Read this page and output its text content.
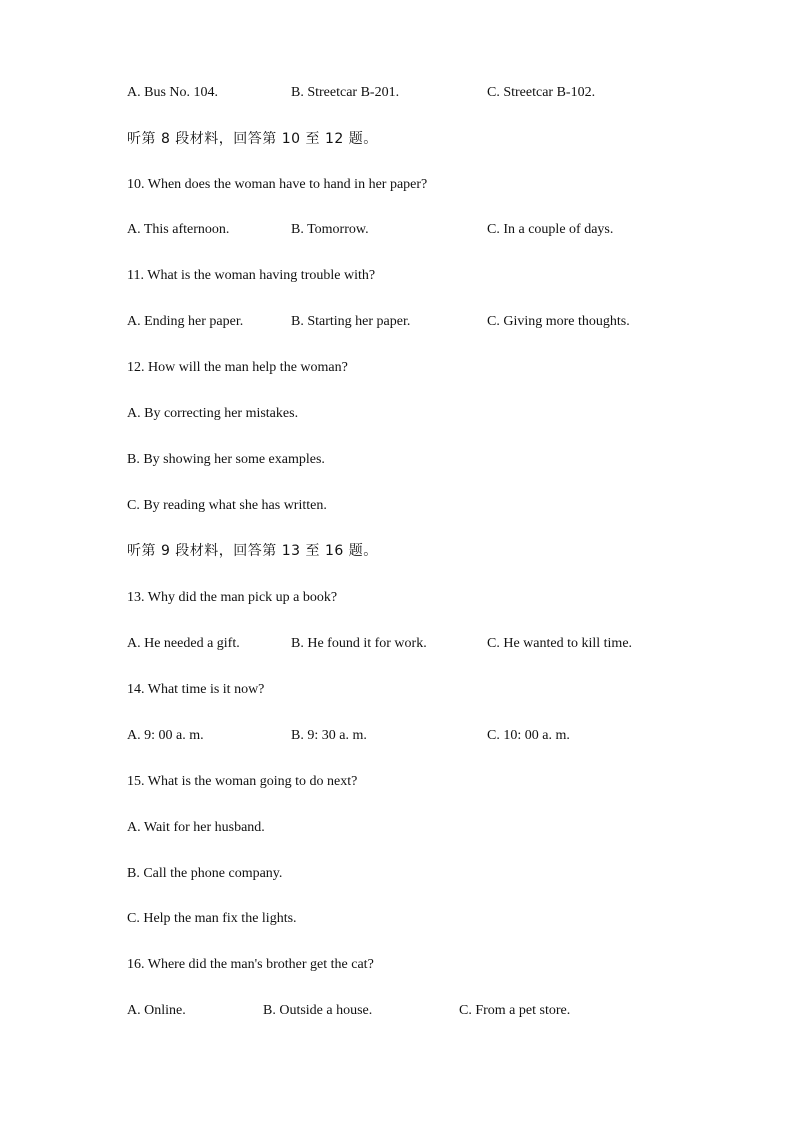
A. Bus No. 104.	B. Streetcar B-201.	C. Streetcar B-102.
听第 8 段材料，回答第 10 至 12 题。
10. When does the woman have to hand in her paper?
A. This afternoon.	B. Tomorrow.	C. In a couple of days.
11. What is the woman having trouble with?
A. Ending her paper.	B. Starting her paper.	C. Giving more thoughts.
12. How will the man help the woman?
A. By correcting her mistakes.
B. By showing her some examples.
C. By reading what she has written.
听第 9 段材料，回答第 13 至 16 题。
13. Why did the man pick up a book?
A. He needed a gift.	B. He found it for work.	C. He wanted to kill time.
14. What time is it now?
A. 9: 00 a. m.	B. 9: 30 a. m.	C. 10: 00 a. m.
15. What is the woman going to do next?
A. Wait for her husband.
B. Call the phone company.
C. Help the man fix the lights.
16. Where did the man's brother get the cat?
A. Online.	B. Outside a house.	C. From a pet store.
